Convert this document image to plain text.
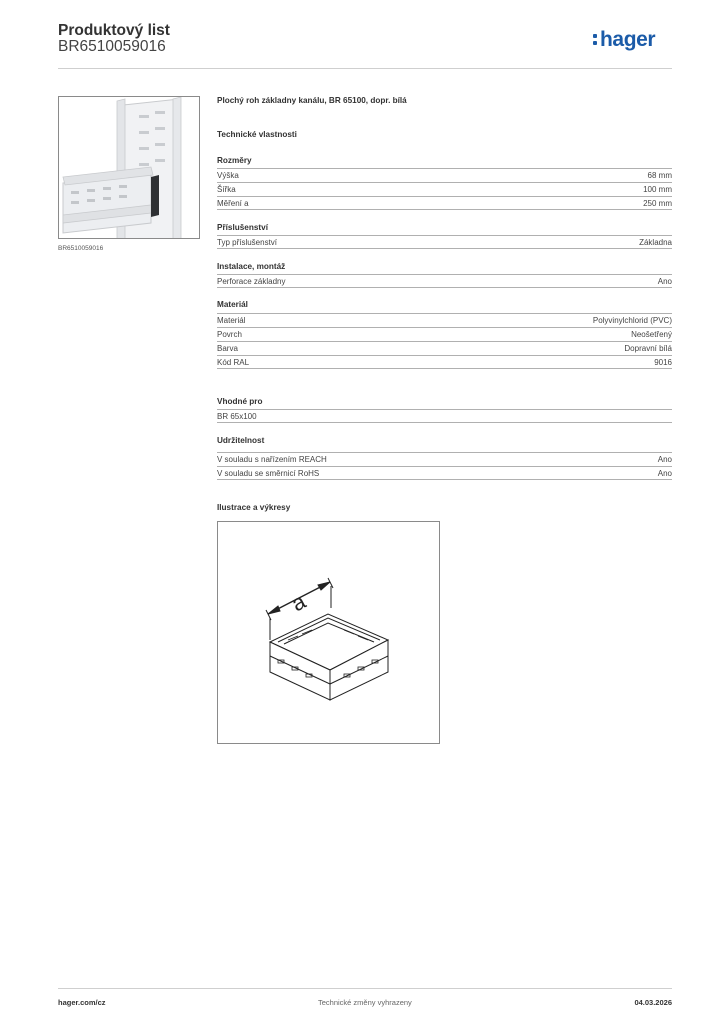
Produktový list
BR6510059016	hager
BR6510059016
Plochý roh základny kanálu, BR 65100, dopr. bílá
Technické vlastnosti
Rozměry
Výška	68 mm
Šířka	100 mm
Měření a	250 mm
Příslušenství
Typ příslušenství	Základna
Instalace, montáž
Perforace základny	Ano
Materiál
Materiál	Polyvinylchlorid (PVC)
Povrch	Neošetřený
Barva	Dopravní bílá
Kód RAL	9016
Vhodné pro
BR 65x100
Udržitelnost
V souladu s nařízením REACH	Ano
V souladu se směrnicí RoHS	Ano
Ilustrace a výkresy
a
hager.com/cz	Technické změny vyhrazeny	04.03.2026
